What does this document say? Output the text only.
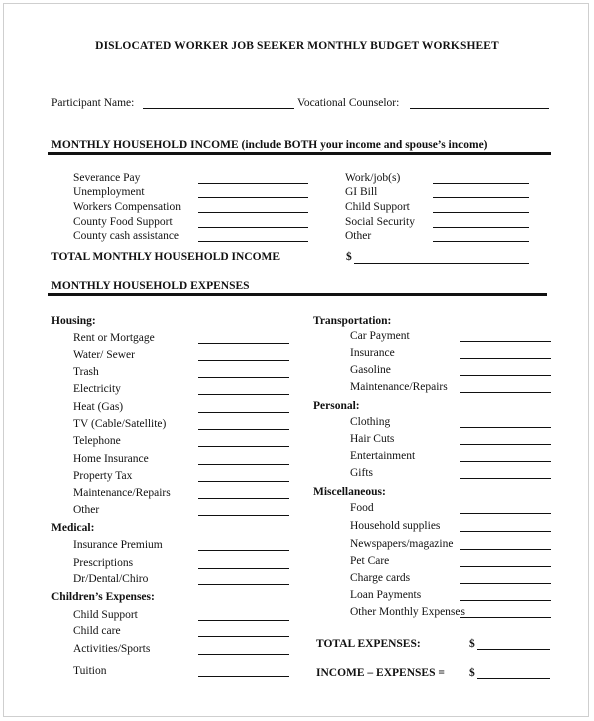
DISLOCATED WORKER JOB SEEKER MONTHLY BUDGET WORKSHEET
Participant Name:	Vocational Counselor:
MONTHLY HOUSEHOLD INCOME (include BOTH your income and spouse’s income)
Severance Pay
Unemployment
Workers Compensation
County Food Support
County cash assistance
Work/job(s)
GI Bill
Child Support
Social Security
Other
TOTAL MONTHLY HOUSEHOLD INCOME	$
MONTHLY HOUSEHOLD EXPENSES
Housing:
Rent or Mortgage
Water/ Sewer
Trash
Electricity
Heat (Gas)
TV (Cable/Satellite)
Telephone
Home Insurance
Property Tax
Maintenance/Repairs
Other
Medical:
Insurance Premium
Prescriptions
Dr/Dental/Chiro
Children’s Expenses:
Child Support
Child care
Activities/Sports
Tuition
Transportation:
Car Payment
Insurance
Gasoline
Maintenance/Repairs
Personal:
Clothing
Hair Cuts
Entertainment
Gifts
Miscellaneous:
Food
Household supplies
Newspapers/magazine
Pet Care
Charge cards
Loan Payments
Other Monthly Expenses
TOTAL EXPENSES:	$
INCOME – EXPENSES = $
